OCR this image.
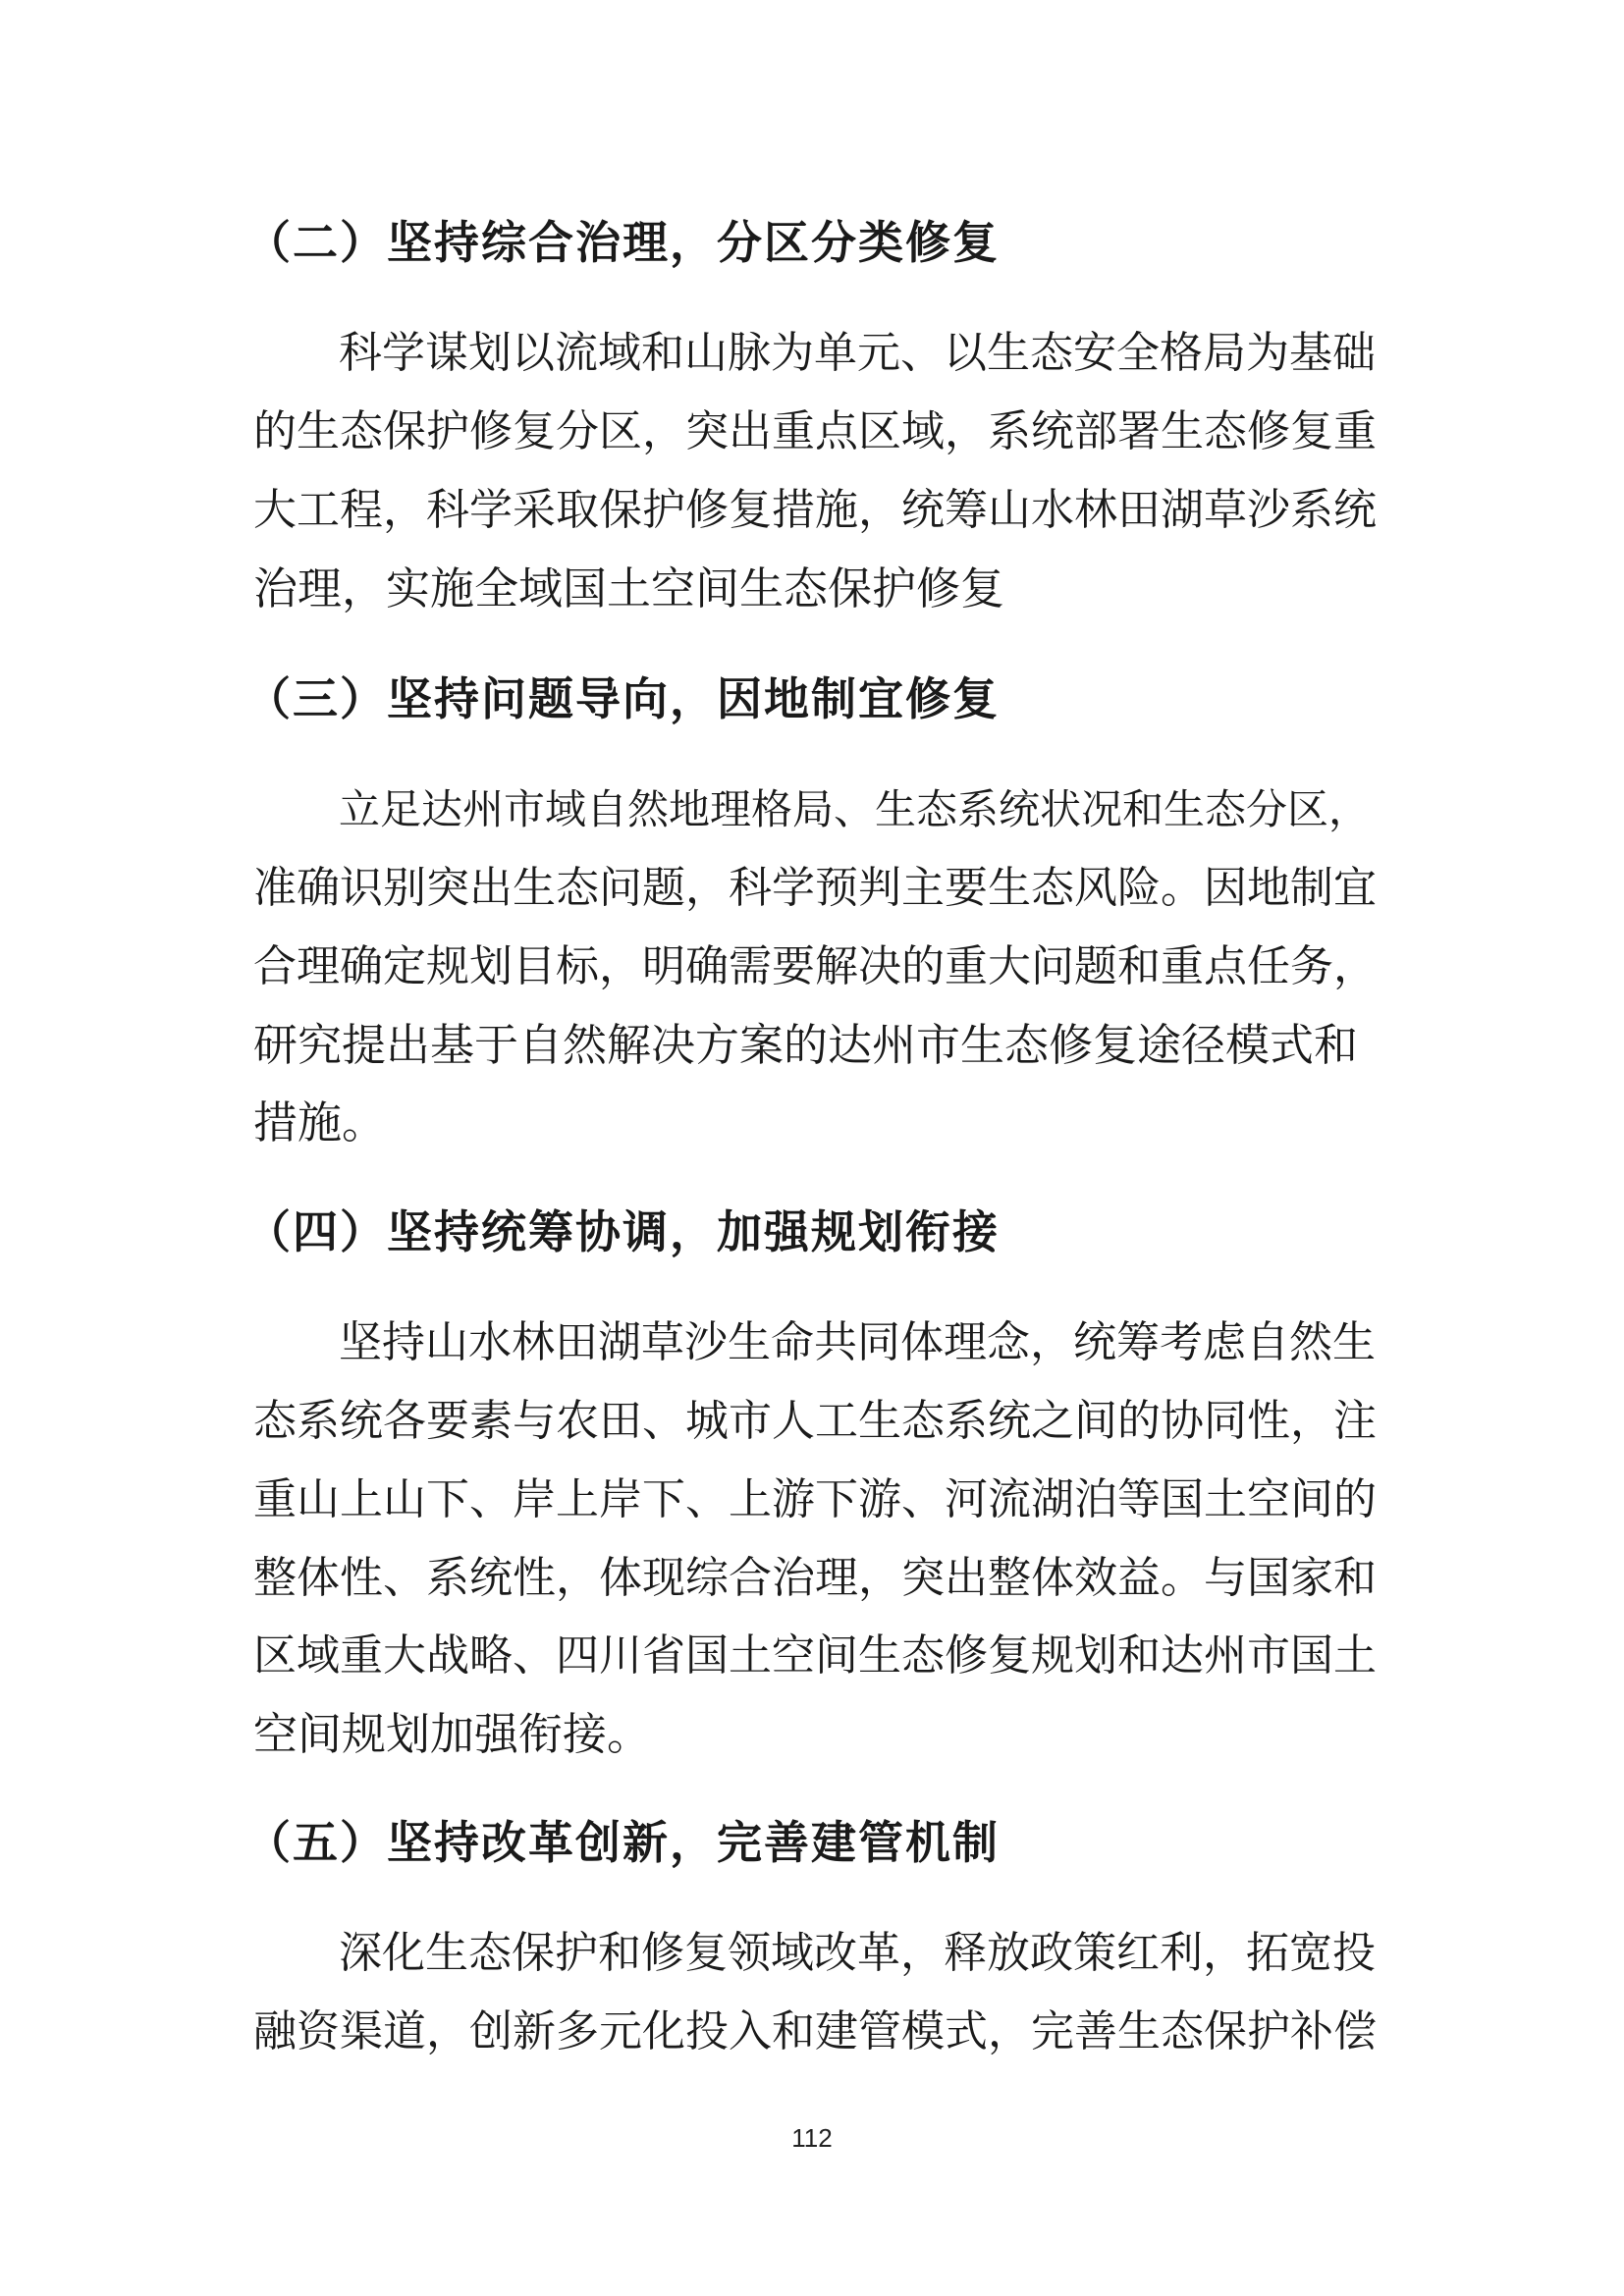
（二）坚持综合治理，分区分类修复
科学谋划以流域和山脉为单元、以生态安全格局为基础
的生态保护修复分区，突出重点区域，系统部署生态修复重
大工程，科学采取保护修复措施，统筹山水林田湖草沙系统
治理，实施全域国土空间生态保护修复
（三）坚持问题导向，因地制宜修复
立足达州市域自然地理格局、生态系统状况和生态分区，
准确识别突出生态问题，科学预判主要生态风险。因地制宜
合理确定规划目标，明确需要解决的重大问题和重点任务，
研究提出基于自然解决方案的达州市生态修复途径模式和
措施。
（四）坚持统筹协调，加强规划衔接
坚持山水林田湖草沙生命共同体理念，统筹考虑自然生
态系统各要素与农田、城市人工生态系统之间的协同性，注
重山上山下、岸上岸下、上游下游、河流湖泊等国土空间的
整体性、系统性，体现综合治理，突出整体效益。与国家和
区域重大战略、四川省国土空间生态修复规划和达州市国土
空间规划加强衔接。
（五）坚持改革创新，完善建管机制
深化生态保护和修复领域改革，释放政策红利，拓宽投
融资渠道，创新多元化投入和建管模式，完善生态保护补偿
112
